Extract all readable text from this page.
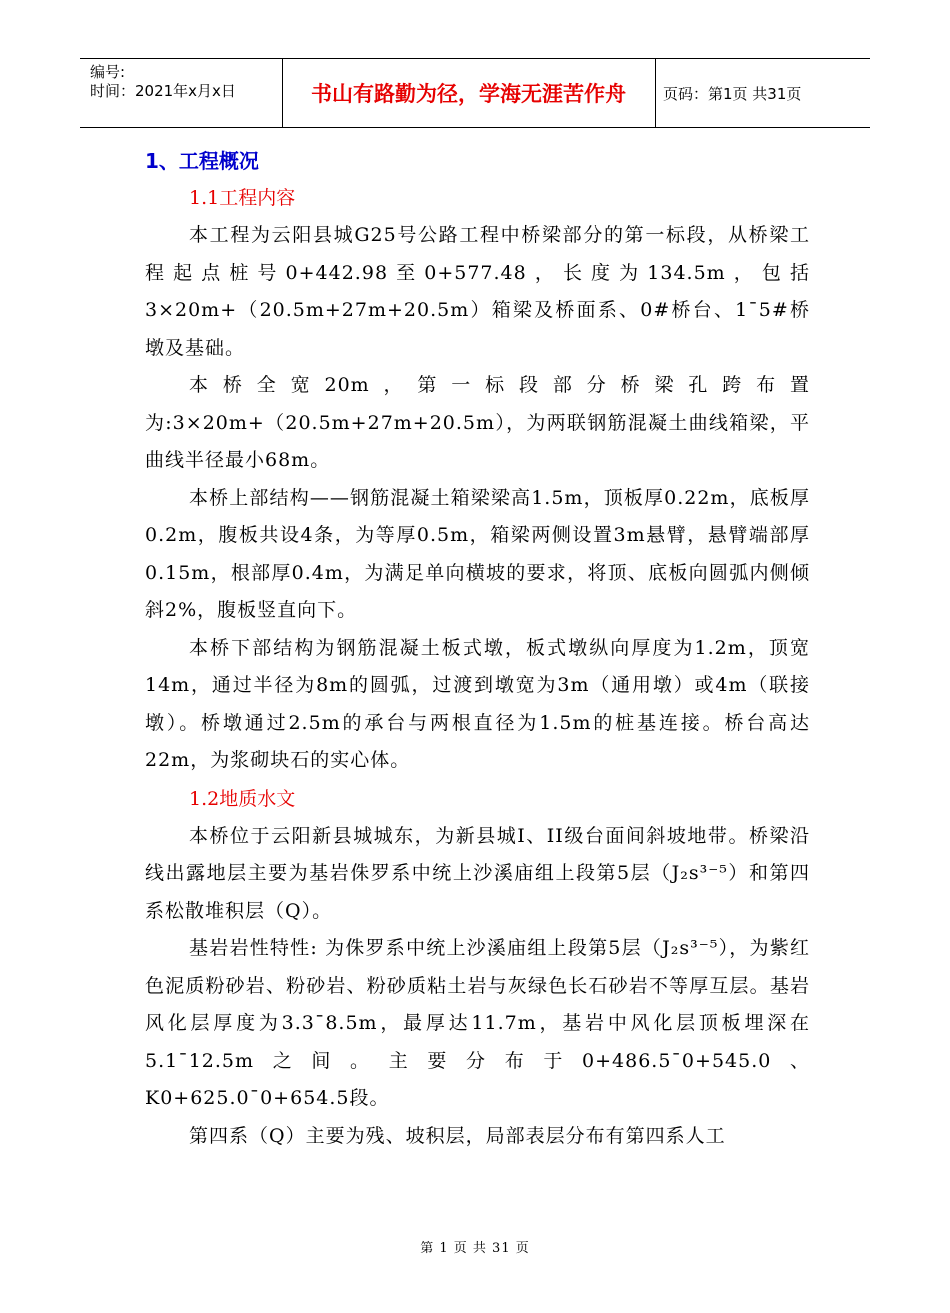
编号:
时间：2021年x月x日	书山有路勤为径，学海无涯苦作舟	页码：第1页 共31页
1、工程概况
1.1工程内容

本工程为云阳县城G25号公路工程中桥梁部分的第一标段，从桥梁工程起点桩号0+442.98至0+577.48，长度为134.5m，包括3×20m+（20.5m+27m+20.5m）箱梁及桥面系、0#桥台、1¯5#桥墩及基础。

本桥全宽20m，第一标段部分桥梁孔跨布置为:3×20m+（20.5m+27m+20.5m），为两联钢筋混凝土曲线箱梁，平曲线半径最小68m。

本桥上部结构——钢筋混凝土箱梁梁高1.5m，顶板厚0.22m，底板厚0.2m，腹板共设4条，为等厚0.5m，箱梁两侧设置3m悬臂，悬臂端部厚0.15m，根部厚0.4m，为满足单向横坡的要求，将顶、底板向圆弧内侧倾斜2%，腹板竖直向下。

本桥下部结构为钢筋混凝土板式墩，板式墩纵向厚度为1.2m，顶宽14m，通过半径为8m的圆弧，过渡到墩宽为3m（通用墩）或4m（联接墩）。桥墩通过2.5m的承台与两根直径为1.5m的桩基连接。桥台高达22m，为浆砌块石的实心体。

1.2地质水文

本桥位于云阳新县城城东，为新县城I、II级台面间斜坡地带。桥梁沿线出露地层主要为基岩侏罗系中统上沙溪庙组上段第5层（J₂s³⁻⁵）和第四系松散堆积层（Q）。

基岩岩性特性: 为侏罗系中统上沙溪庙组上段第5层（J₂s³⁻⁵），为紫红色泥质粉砂岩、粉砂岩、粉砂质粘土岩与灰绿色长石砂岩不等厚互层。基岩风化层厚度为3.3¯8.5m，最厚达11.7m，基岩中风化层顶板埋深在5.1¯12.5m之间。主要分布于0+486.5¯0+545.0、K0+625.0¯0+654.5段。

第四系（Q）主要为残、坡积层，局部表层分布有第四系人工

第 1 页 共 31 页
